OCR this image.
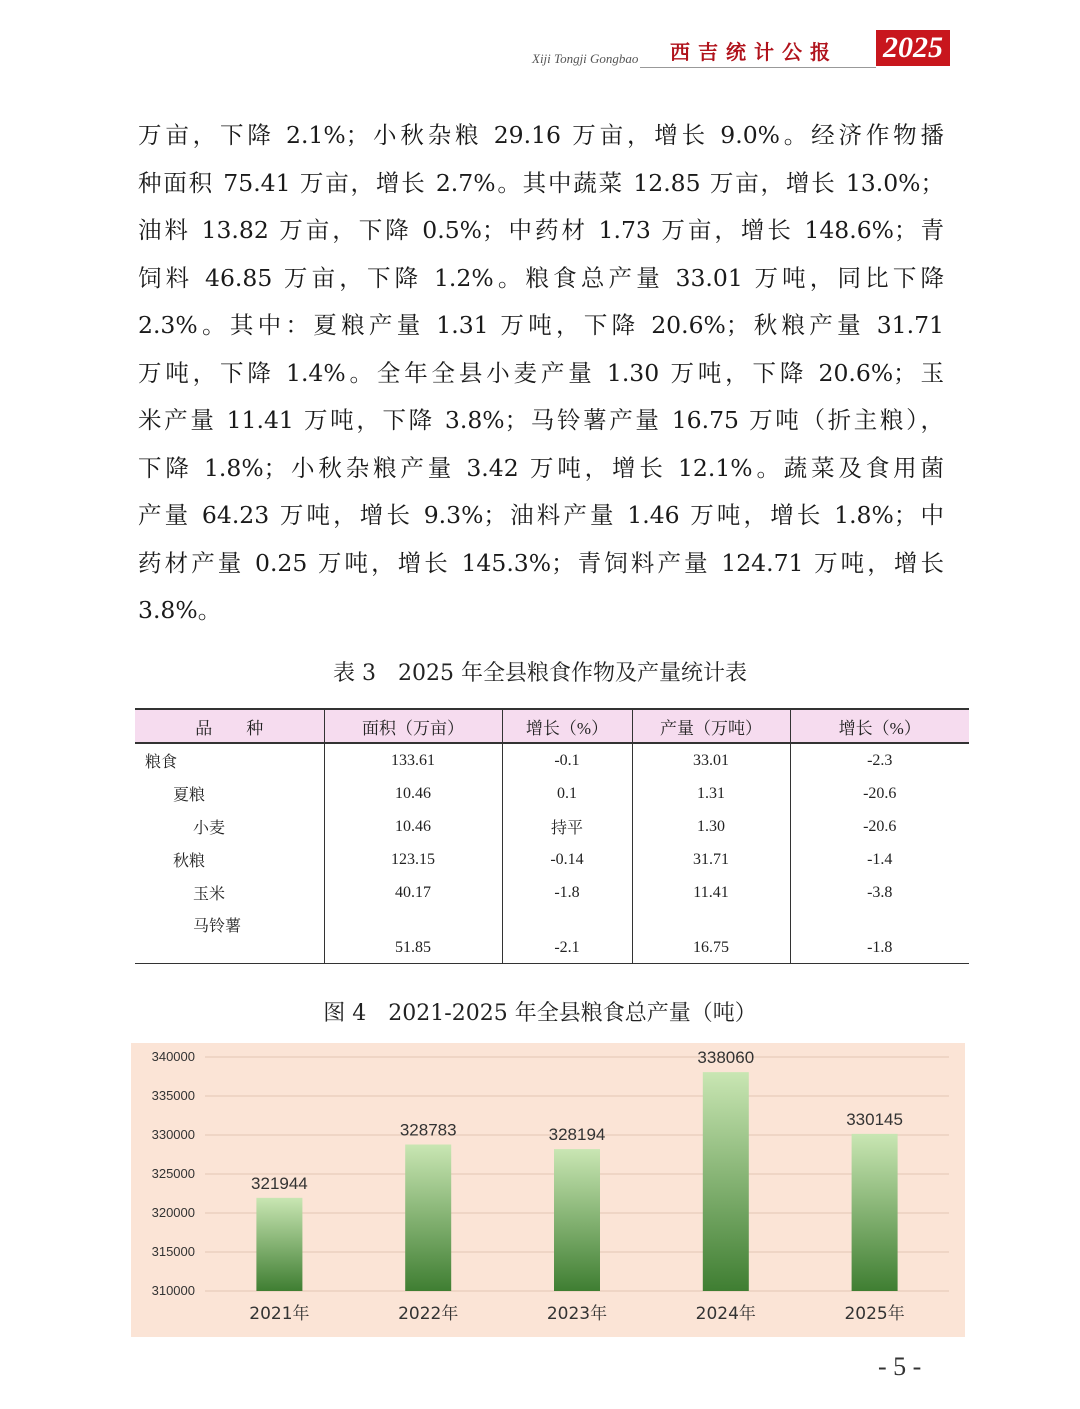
Xiji Tongji Gongbao 西吉统计公报 2025
万亩，下降 2.1%；小秋杂粮 29.16 万亩，增长 9.0%。经济作物播
种面积 75.41 万亩，增长 2.7%。其中蔬菜 12.85 万亩，增长 13.0%；
油料 13.82 万亩，下降 0.5%；中药材 1.73 万亩，增长 148.6%；青
饲料 46.85 万亩，下降 1.2%。粮食总产量 33.01 万吨，同比下降
2.3%。其中：夏粮产量 1.31 万吨，下降 20.6%；秋粮产量 31.71
万吨，下降 1.4%。全年全县小麦产量 1.30 万吨，下降 20.6%；玉
米产量 11.41 万吨，下降 3.8%；马铃薯产量 16.75 万吨（折主粮），
下降 1.8%；小秋杂粮产量 3.42 万吨，增长 12.1%。蔬菜及食用菌
产量 64.23 万吨，增长 9.3%；油料产量 1.46 万吨，增长 1.8%；中
药材产量 0.25 万吨，增长 145.3%；青饲料产量 124.71 万吨，增长
3.8%。
表 3　2025 年全县粮食作物及产量统计表
品　　种	面积（万亩）	增长（%）	产量（万吨）	增长（%）
粮食	133.61	-0.1	33.01	-2.3
夏粮	10.46	0.1	1.31	-20.6
小麦	10.46	持平	1.30	-20.6
秋粮	123.15	-0.14	31.71	-1.4
玉米	40.17	-1.8	11.41	-3.8
马铃薯	51.85	-2.1	16.75	-1.8
图 4　2021-2025 年全县粮食总产量（吨）
310000
315000
320000
325000
330000
335000
340000
321944
328783	328194
338060
330145
2021年	2022年	2023年	2024年	2025年
- 5 -
